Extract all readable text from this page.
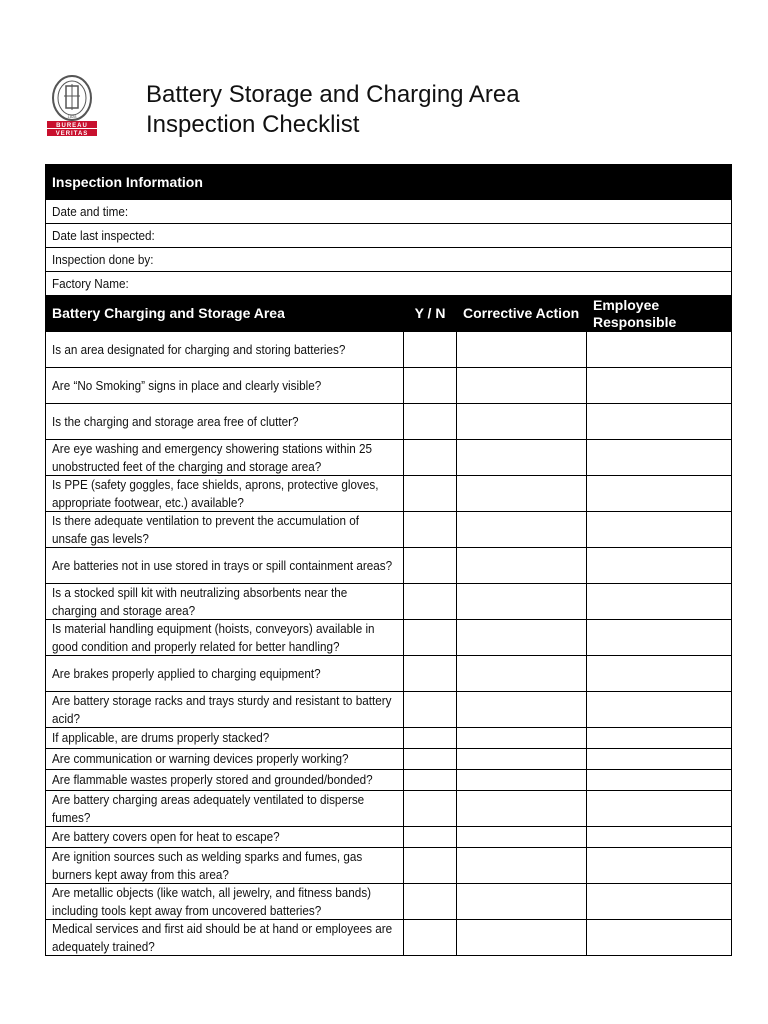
BUREAU
VERITAS
1828
Battery Storage and Charging Area
Inspection Checklist
Inspection Information			
Date and time:			
Date last inspected:			
Inspection done by:			
Factory Name:			
Battery Charging and Storage Area	Y / N	Corrective Action	Employee Responsible
Is an area designated for charging and storing batteries?			
Are “No Smoking” signs in place and clearly visible?			
Is the charging and storage area free of clutter?			
Are eye washing and emergency showering stations within 25 unobstructed feet of the charging and storage area?			
Is PPE (safety goggles, face shields, aprons, protective gloves, appropriate footwear, etc.) available?			
Is there adequate ventilation to prevent the accumulation of unsafe gas levels?			
Are batteries not in use stored in trays or spill containment areas?			
Is a stocked spill kit with neutralizing absorbents near the charging and storage area?			
Is material handling equipment (hoists, conveyors) available in good condition and properly related for better handling?			
Are brakes properly applied to charging equipment?			
Are battery storage racks and trays sturdy and resistant to battery acid?			
If applicable, are drums properly stacked?			
Are communication or warning devices properly working?			
Are flammable wastes properly stored and grounded/bonded?			
Are battery charging areas adequately ventilated to disperse fumes?			
Are battery covers open for heat to escape?			
Are ignition sources such as welding sparks and fumes, gas burners kept away from this area?			
Are metallic objects (like watch, all jewelry, and fitness bands) including tools kept away from uncovered batteries?			
Medical services and first aid should be at hand or employees are adequately trained?			
